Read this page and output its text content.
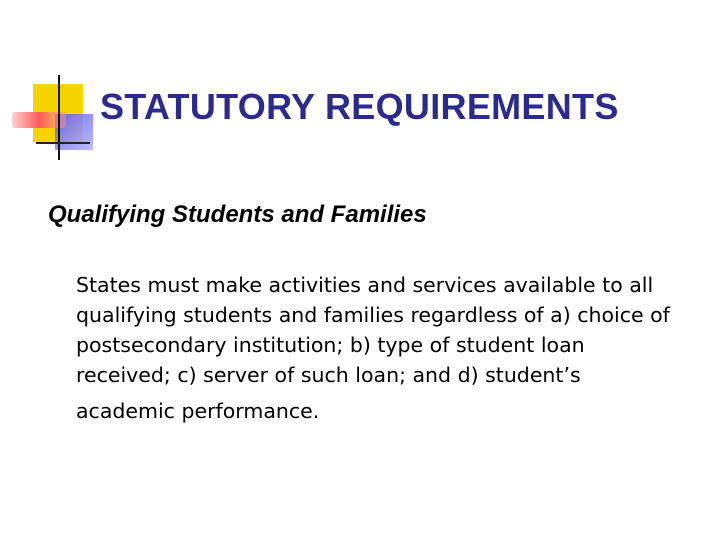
STATUTORY REQUIREMENTS
Qualifying Students and Families
States must make activities and services available to all
qualifying students and families regardless of a) choice of
postsecondary institution; b) type of student loan
received; c) server of such loan; and d) student’s
academic performance.
